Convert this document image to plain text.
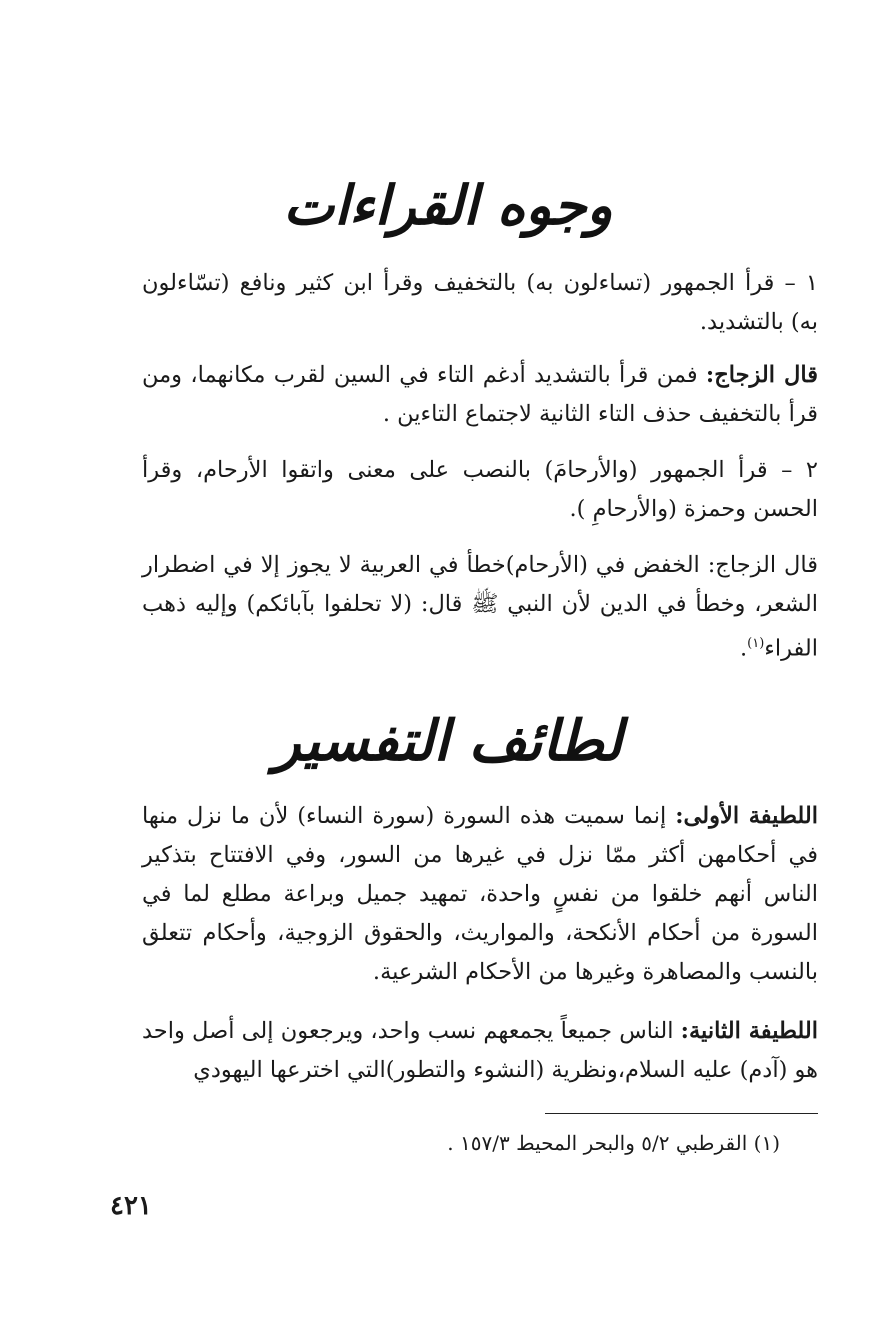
وجوه القراءات
١ – قرأ الجمهور (تساءلون به) بالتخفيف وقرأ ابن كثير ونافع (تسّاءلون به) بالتشديد.
قال الزجاج: فمن قرأ بالتشديد أدغم التاء في السين لقرب مكانهما، ومن قرأ بالتخفيف حذف التاء الثانية لاجتماع التاءين .
٢ – قرأ الجمهور (والأرحامَ) بالنصب على معنى واتقوا الأرحام، وقرأ الحسن وحمزة (والأرحامِ ).
قال الزجاج: الخفض في (الأرحام)خطأ في العربية لا يجوز إلا في اضطرار الشعر، وخطأ في الدين لأن النبي ﷺ قال: (لا تحلفوا بآبائكم) وإليه ذهب الفراء$^{(١)}$.
لطائف التفسير
اللطيفة الأولى: إنما سميت هذه السورة (سورة النساء) لأن ما نزل منها في أحكامهن أكثر ممّا نزل في غيرها من السور، وفي الافتتاح بتذكير الناس أنهم خلقوا من نفسٍ واحدة، تمهيد جميل وبراعة مطلع لما في السورة من أحكام الأنكحة، والمواريث، والحقوق الزوجية، وأحكام تتعلق بالنسب والمصاهرة وغيرها من الأحكام الشرعية.
اللطيفة الثانية: الناس جميعاً يجمعهم نسب واحد، ويرجعون إلى أصل واحد هو (آدم) عليه السلام،ونظرية (النشوء والتطور)التي اخترعها اليهودي
(١) القرطبي ٥/٢ والبحر المحيط ١٥٧/٣ .
٤٢١
